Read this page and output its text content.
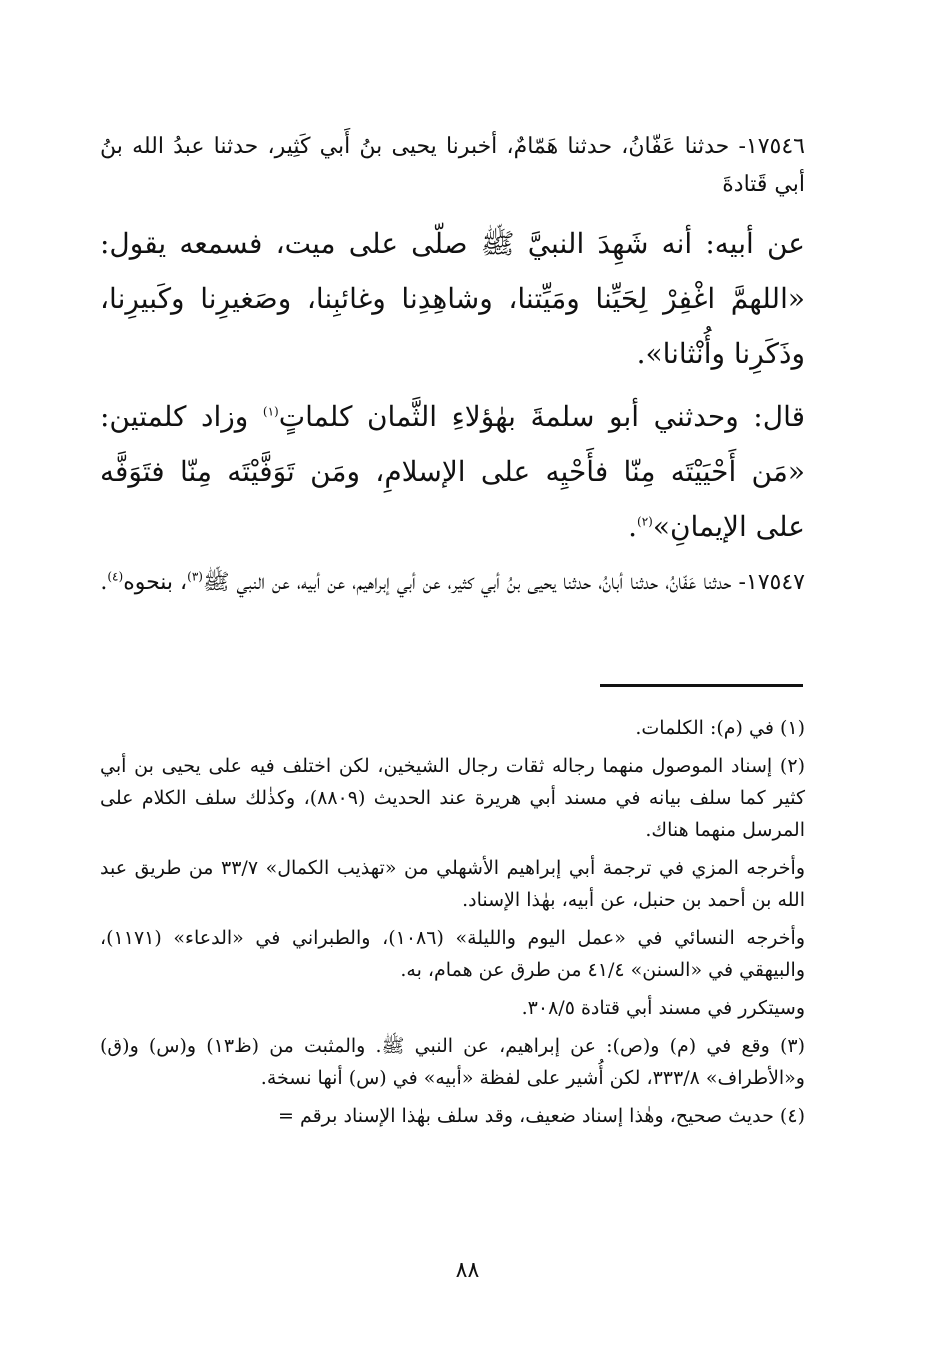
١٧٥٤٦- حدثنا عَفّانُ، حدثنا هَمّامٌ، أخبرنا يحيى بنُ أَبي كَثِير، حدثنا عبدُ الله بنُ أبي قَتادةَ

عن أبيه: أنه شَهِدَ النبيَّ ﷺ صلّى على ميت، فسمعه يقول: «اللهمَّ اغْفِرْ لِحَيِّنا ومَيِّتنا، وشاهِدِنا وغائبِنا، وصَغيرِنا وكَبيرِنا، وذَكَرِنا وأُنْثانا».

قال: وحدثني أبو سلمةَ بهٰؤلاءِ الثَّمان كلماتٍ$^{(١)}$ وزاد كلمتين: «مَن أَحْيَيْتَه مِنّا فأَحْيِه على الإسلامِ، ومَن تَوَفَّيْتَه مِنّا فتَوَفَّه على الإيمانِ»$^{(٢)}$.

١٧٥٤٧- حدثنا عَفّانُ، حدثنا أبانُ، حدثنا يحيى بنُ أبي كثير، عن أبي إبراهيم، عن أبيه، عن النبي ﷺ$^{(٣)}$، بنحوه$^{(٤)}$.

(١) في (م): الكلمات.

(٢) إسناد الموصول منهما رجاله ثقات رجال الشيخين، لكن اختلف فيه على يحيى بن أبي كثير كما سلف بيانه في مسند أبي هريرة عند الحديث (٨٨٠٩)، وكذٰلك سلف الكلام على المرسل منهما هناك.

وأخرجه المزي في ترجمة أبي إبراهيم الأشهلي من «تهذيب الكمال» ٣٣/٧ من طريق عبد الله بن أحمد بن حنبل، عن أبيه، بهٰذا الإسناد.

وأخرجه النسائي في «عمل اليوم والليلة» (١٠٨٦)، والطبراني في «الدعاء» (١١٧١)، والبيهقي في «السنن» ٤١/٤ من طرق عن همام، به.

وسيتكرر في مسند أبي قتادة ٣٠٨/٥.

(٣) وقع في (م) و(ص): عن إبراهيم، عن النبي ﷺ. والمثبت من (ظ١٣) و(س) و(ق) و«الأطراف» ٣٣٣/٨، لكن أُشير على لفظة «أبيه» في (س) أنها نسخة.

(٤) حديث صحيح، وهٰذا إسناد ضعيف، وقد سلف بهٰذا الإسناد برقم =

٨٨
